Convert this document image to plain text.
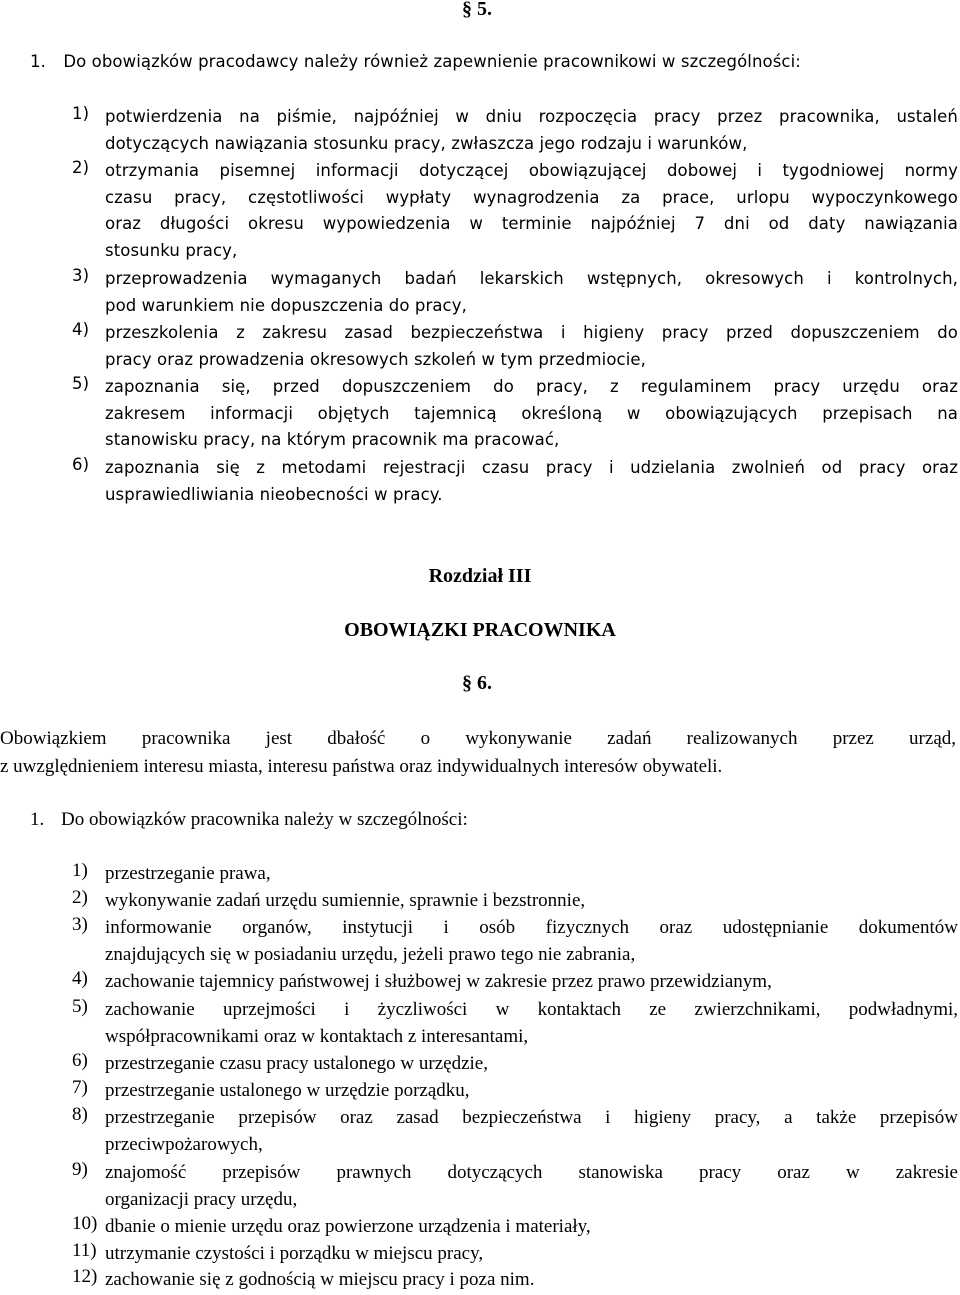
§ 5.
1. Do obowiązków pracodawcy należy również zapewnienie pracownikowi w szczególności:
1) potwierdzenia na piśmie, najpóźniej w dniu rozpoczęcia pracy przez pracownika, ustaleń
dotyczących nawiązania stosunku pracy, zwłaszcza jego rodzaju i warunków,
2) otrzymania pisemnej informacji dotyczącej obowiązującej dobowej i tygodniowej normy
czasu pracy, częstotliwości wypłaty wynagrodzenia za prace, urlopu wypoczynkowego
oraz długości okresu wypowiedzenia w terminie najpóźniej 7 dni od daty nawiązania
stosunku pracy,
3) przeprowadzenia wymaganych badań lekarskich wstępnych, okresowych i kontrolnych,
pod warunkiem nie dopuszczenia do pracy,
4) przeszkolenia z zakresu zasad bezpieczeństwa i higieny pracy przed dopuszczeniem do
pracy oraz prowadzenia okresowych szkoleń w tym przedmiocie,
5) zapoznania się, przed dopuszczeniem do pracy, z regulaminem pracy urzędu oraz
zakresem informacji objętych tajemnicą określoną w obowiązujących przepisach na
stanowisku pracy, na którym pracownik ma pracować,
6) zapoznania się z metodami rejestracji czasu pracy i udzielania zwolnień od pracy oraz
usprawiedliwiania nieobecności w pracy.
Rozdział III
OBOWIĄZKI PRACOWNIKA
§ 6.
Obowiązkiem pracownika jest dbałość o wykonywanie zadań realizowanych przez urząd,
z uwzględnieniem interesu miasta, interesu państwa oraz indywidualnych interesów obywateli.
1. Do obowiązków pracownika należy w szczególności:
1) przestrzeganie prawa,
2) wykonywanie zadań urzędu sumiennie, sprawnie i bezstronnie,
3) informowanie organów, instytucji i osób fizycznych oraz udostępnianie dokumentów
znajdujących się w posiadaniu urzędu, jeżeli prawo tego nie zabrania,
4) zachowanie tajemnicy państwowej i służbowej w zakresie przez prawo przewidzianym,
5) zachowanie uprzejmości i życzliwości w kontaktach ze zwierzchnikami, podwładnymi,
współpracownikami oraz w kontaktach z interesantami,
6) przestrzeganie czasu pracy ustalonego w urzędzie,
7) przestrzeganie ustalonego w urzędzie porządku,
8) przestrzeganie przepisów oraz zasad bezpieczeństwa i higieny pracy, a także przepisów
przeciwpożarowych,
9) znajomość przepisów prawnych dotyczących stanowiska pracy oraz w zakresie
organizacji pracy urzędu,
10) dbanie o mienie urzędu oraz powierzone urządzenia i materiały,
11) utrzymanie czystości i porządku w miejscu pracy,
12) zachowanie się z godnością w miejscu pracy i poza nim.
